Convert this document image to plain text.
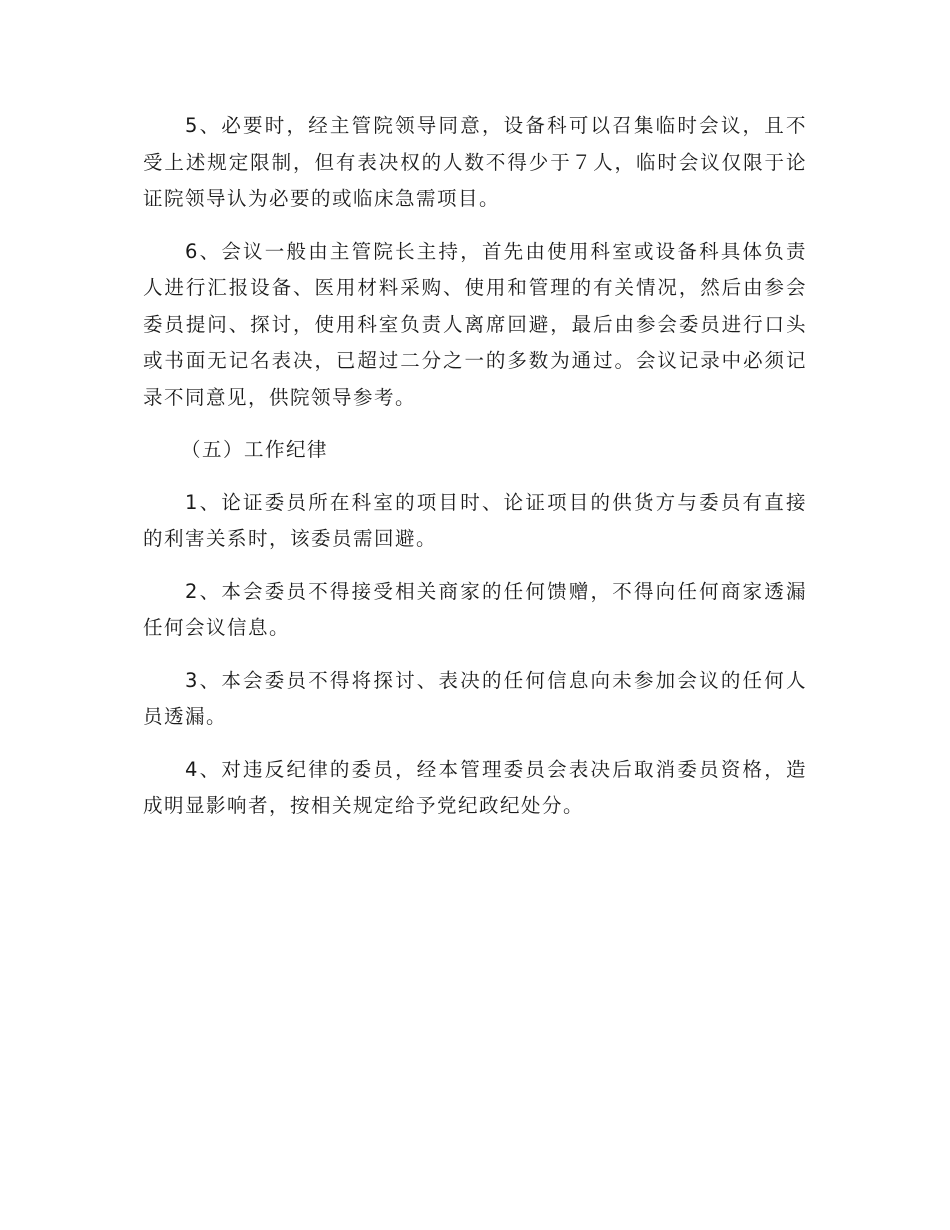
5、必要时，经主管院领导同意，设备科可以召集临时会议，且不受上述规定限制，但有表决权的人数不得少于７人，临时会议仅限于论证院领导认为必要的或临床急需项目。

6、会议一般由主管院长主持，首先由使用科室或设备科具体负责人进行汇报设备、医用材料采购、使用和管理的有关情况，然后由参会委员提问、探讨，使用科室负责人离席回避，最后由参会委员进行口头或书面无记名表决，已超过二分之一的多数为通过。会议记录中必须记录不同意见，供院领导参考。

（五）工作纪律

1、论证委员所在科室的项目时、论证项目的供货方与委员有直接的利害关系时，该委员需回避。

2、本会委员不得接受相关商家的任何馈赠，不得向任何商家透漏任何会议信息。

3、本会委员不得将探讨、表决的任何信息向未参加会议的任何人员透漏。

4、对违反纪律的委员，经本管理委员会表决后取消委员资格，造成明显影响者，按相关规定给予党纪政纪处分。
